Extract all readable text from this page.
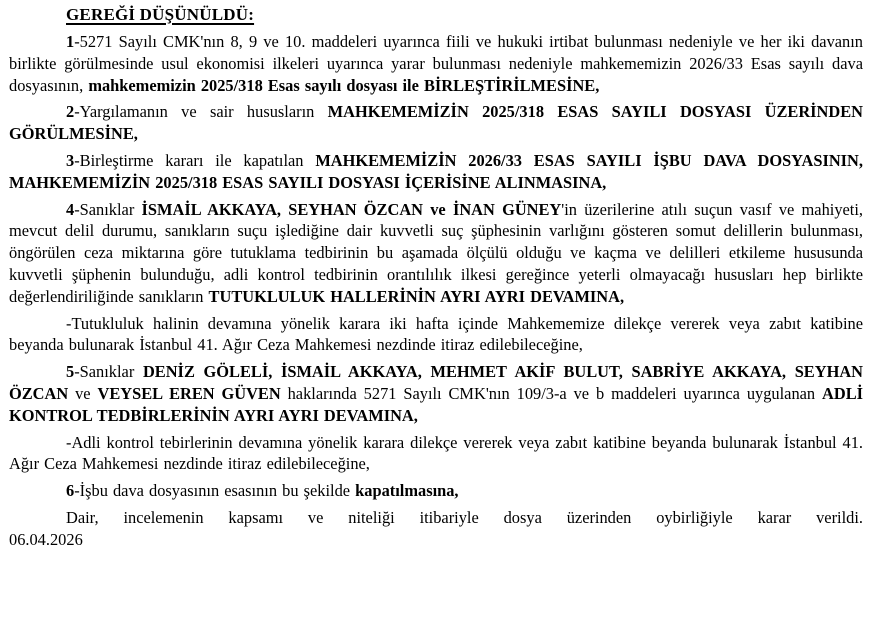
GEREĞİ DÜŞÜNÜLDÜ:

1-5271 Sayılı CMK'nın 8, 9 ve 10. maddeleri uyarınca fiili ve hukuki irtibat bulunması nedeniyle ve her iki davanın birlikte görülmesinde usul ekonomisi ilkeleri uyarınca yarar bulunması nedeniyle mahkememizin 2026/33 Esas sayılı dava dosyasının, mahkememizin 2025/318 Esas sayılı dosyası ile BİRLEŞTİRİLMESİNE,

2-Yargılamanın ve sair hususların MAHKEMEMİZİN 2025/318 ESAS SAYILI DOSYASI ÜZERİNDEN GÖRÜLMESİNE,

3-Birleştirme kararı ile kapatılan MAHKEMEMİZİN 2026/33 ESAS SAYILI İŞBU DAVA DOSYASININ, MAHKEMEMİZİN 2025/318 ESAS SAYILI DOSYASI İÇERİSİNE ALINMASINA,

4-Sanıklar İSMAİL AKKAYA, SEYHAN ÖZCAN ve İNAN GÜNEY'in üzerilerine atılı suçun vasıf ve mahiyeti, mevcut delil durumu, sanıkların suçu işlediğine dair kuvvetli suç şüphesinin varlığını gösteren somut delillerin bulunması, öngörülen ceza miktarına göre tutuklama tedbirinin bu aşamada ölçülü olduğu ve kaçma ve delilleri etkileme hususunda kuvvetli şüphenin bulunduğu, adli kontrol tedbirinin orantılılık ilkesi gereğince yeterli olmayacağı hususları hep birlikte değerlendiriliğinde sanıkların TUTUKLULUK HALLERİNİN AYRI AYRI DEVAMINA,

-Tutukluluk halinin devamına yönelik karara iki hafta içinde Mahkememize dilekçe vererek veya zabıt katibine beyanda bulunarak İstanbul 41. Ağır Ceza Mahkemesi nezdinde itiraz edilebileceğine,

5-Sanıklar DENİZ GÖLELİ, İSMAİL AKKAYA, MEHMET AKİF BULUT, SABRİYE AKKAYA, SEYHAN ÖZCAN ve VEYSEL EREN GÜVEN haklarında 5271 Sayılı CMK'nın 109/3-a ve b maddeleri uyarınca uygulanan ADLİ KONTROL TEDBİRLERİNİN AYRI AYRI DEVAMINA,

-Adli kontrol tebirlerinin devamına yönelik karara dilekçe vererek veya zabıt katibine beyanda bulunarak İstanbul 41. Ağır Ceza Mahkemesi nezdinde itiraz edilebileceğine,

6-İşbu dava dosyasının esasının bu şekilde kapatılmasına,

Dair, incelemenin kapsamı ve niteliği itibariyle dosya üzerinden oybirliğiyle karar verildi.

06.04.2026
